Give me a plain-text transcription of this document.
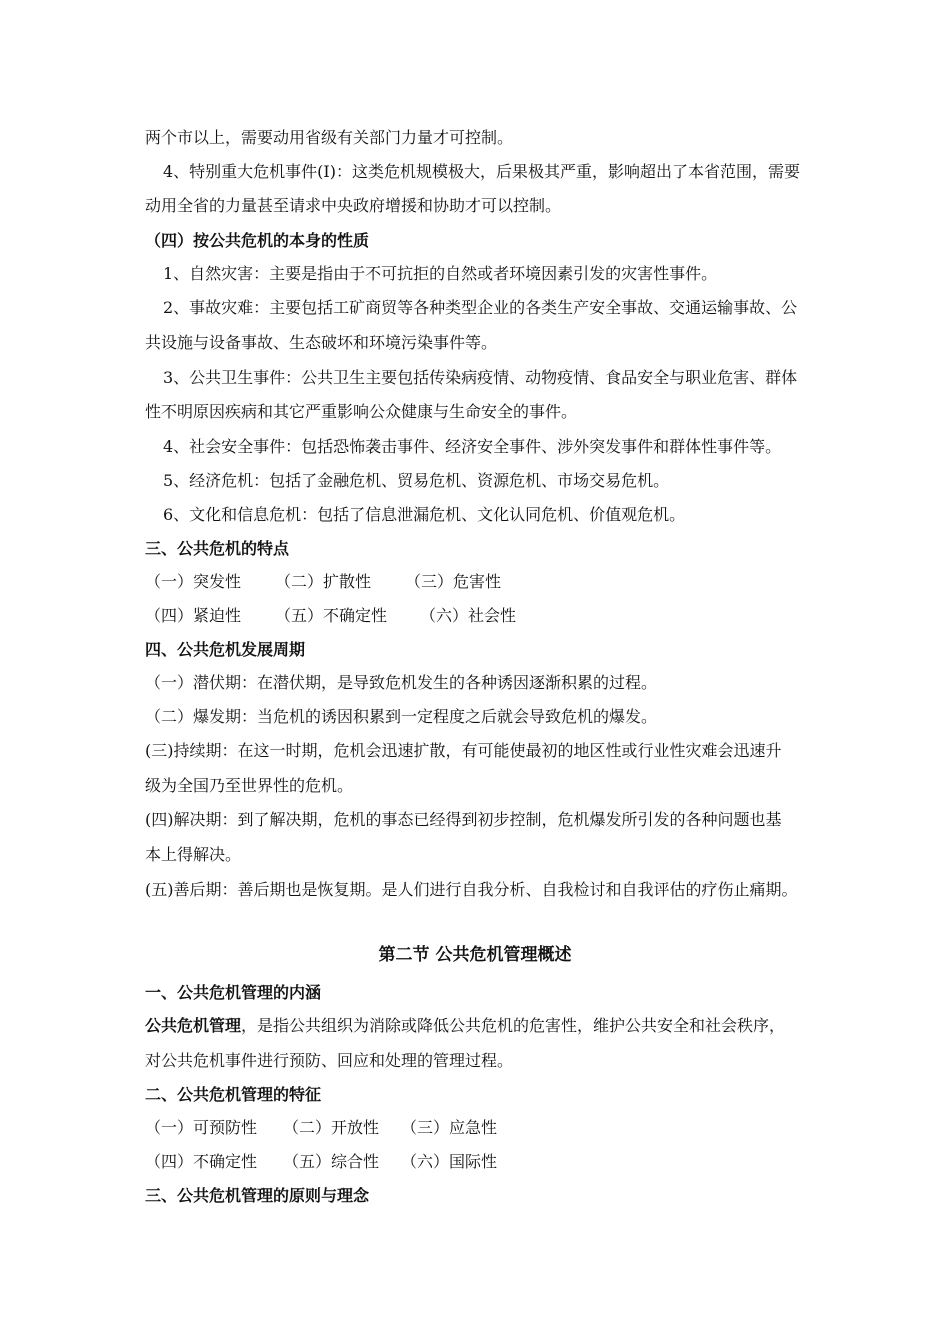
两个市以上，需要动用省级有关部门力量才可控制。
4、特别重大危机事件(I)：这类危机规模极大，后果极其严重，影响超出了本省范围，需要
动用全省的力量甚至请求中央政府增援和协助才可以控制。
（四）按公共危机的本身的性质
1、自然灾害：主要是指由于不可抗拒的自然或者环境因素引发的灾害性事件。
2、事故灾难：主要包括工矿商贸等各种类型企业的各类生产安全事故、交通运输事故、公
共设施与设备事故、生态破坏和环境污染事件等。
3、公共卫生事件：公共卫生主要包括传染病疫情、动物疫情、食品安全与职业危害、群体
性不明原因疾病和其它严重影响公众健康与生命安全的事件。
4、社会安全事件：包括恐怖袭击事件、经济安全事件、涉外突发事件和群体性事件等。
5、经济危机：包括了金融危机、贸易危机、资源危机、市场交易危机。
6、文化和信息危机：包括了信息泄漏危机、文化认同危机、价值观危机。
三、公共危机的特点
（一）突发性 （二）扩散性 （三）危害性
（四）紧迫性 （五）不确定性 （六）社会性
四、公共危机发展周期
（一）潜伏期：在潜伏期，是导致危机发生的各种诱因逐渐积累的过程。
（二）爆发期：当危机的诱因积累到一定程度之后就会导致危机的爆发。
(三)持续期：在这一时期，危机会迅速扩散，有可能使最初的地区性或行业性灾难会迅速升
级为全国乃至世界性的危机。
(四)解决期：到了解决期，危机的事态已经得到初步控制，危机爆发所引发的各种问题也基
本上得解决。
(五)善后期：善后期也是恢复期。是人们进行自我分析、自我检讨和自我评估的疗伤止痛期。
第二节 公共危机管理概述
一、公共危机管理的内涵
公共危机管理，是指公共组织为消除或降低公共危机的危害性，维护公共安全和社会秩序，
对公共危机事件进行预防、回应和处理的管理过程。
二、公共危机管理的特征
（一）可预防性 （二）开放性 （三）应急性
（四）不确定性 （五）综合性 （六）国际性
三、公共危机管理的原则与理念
